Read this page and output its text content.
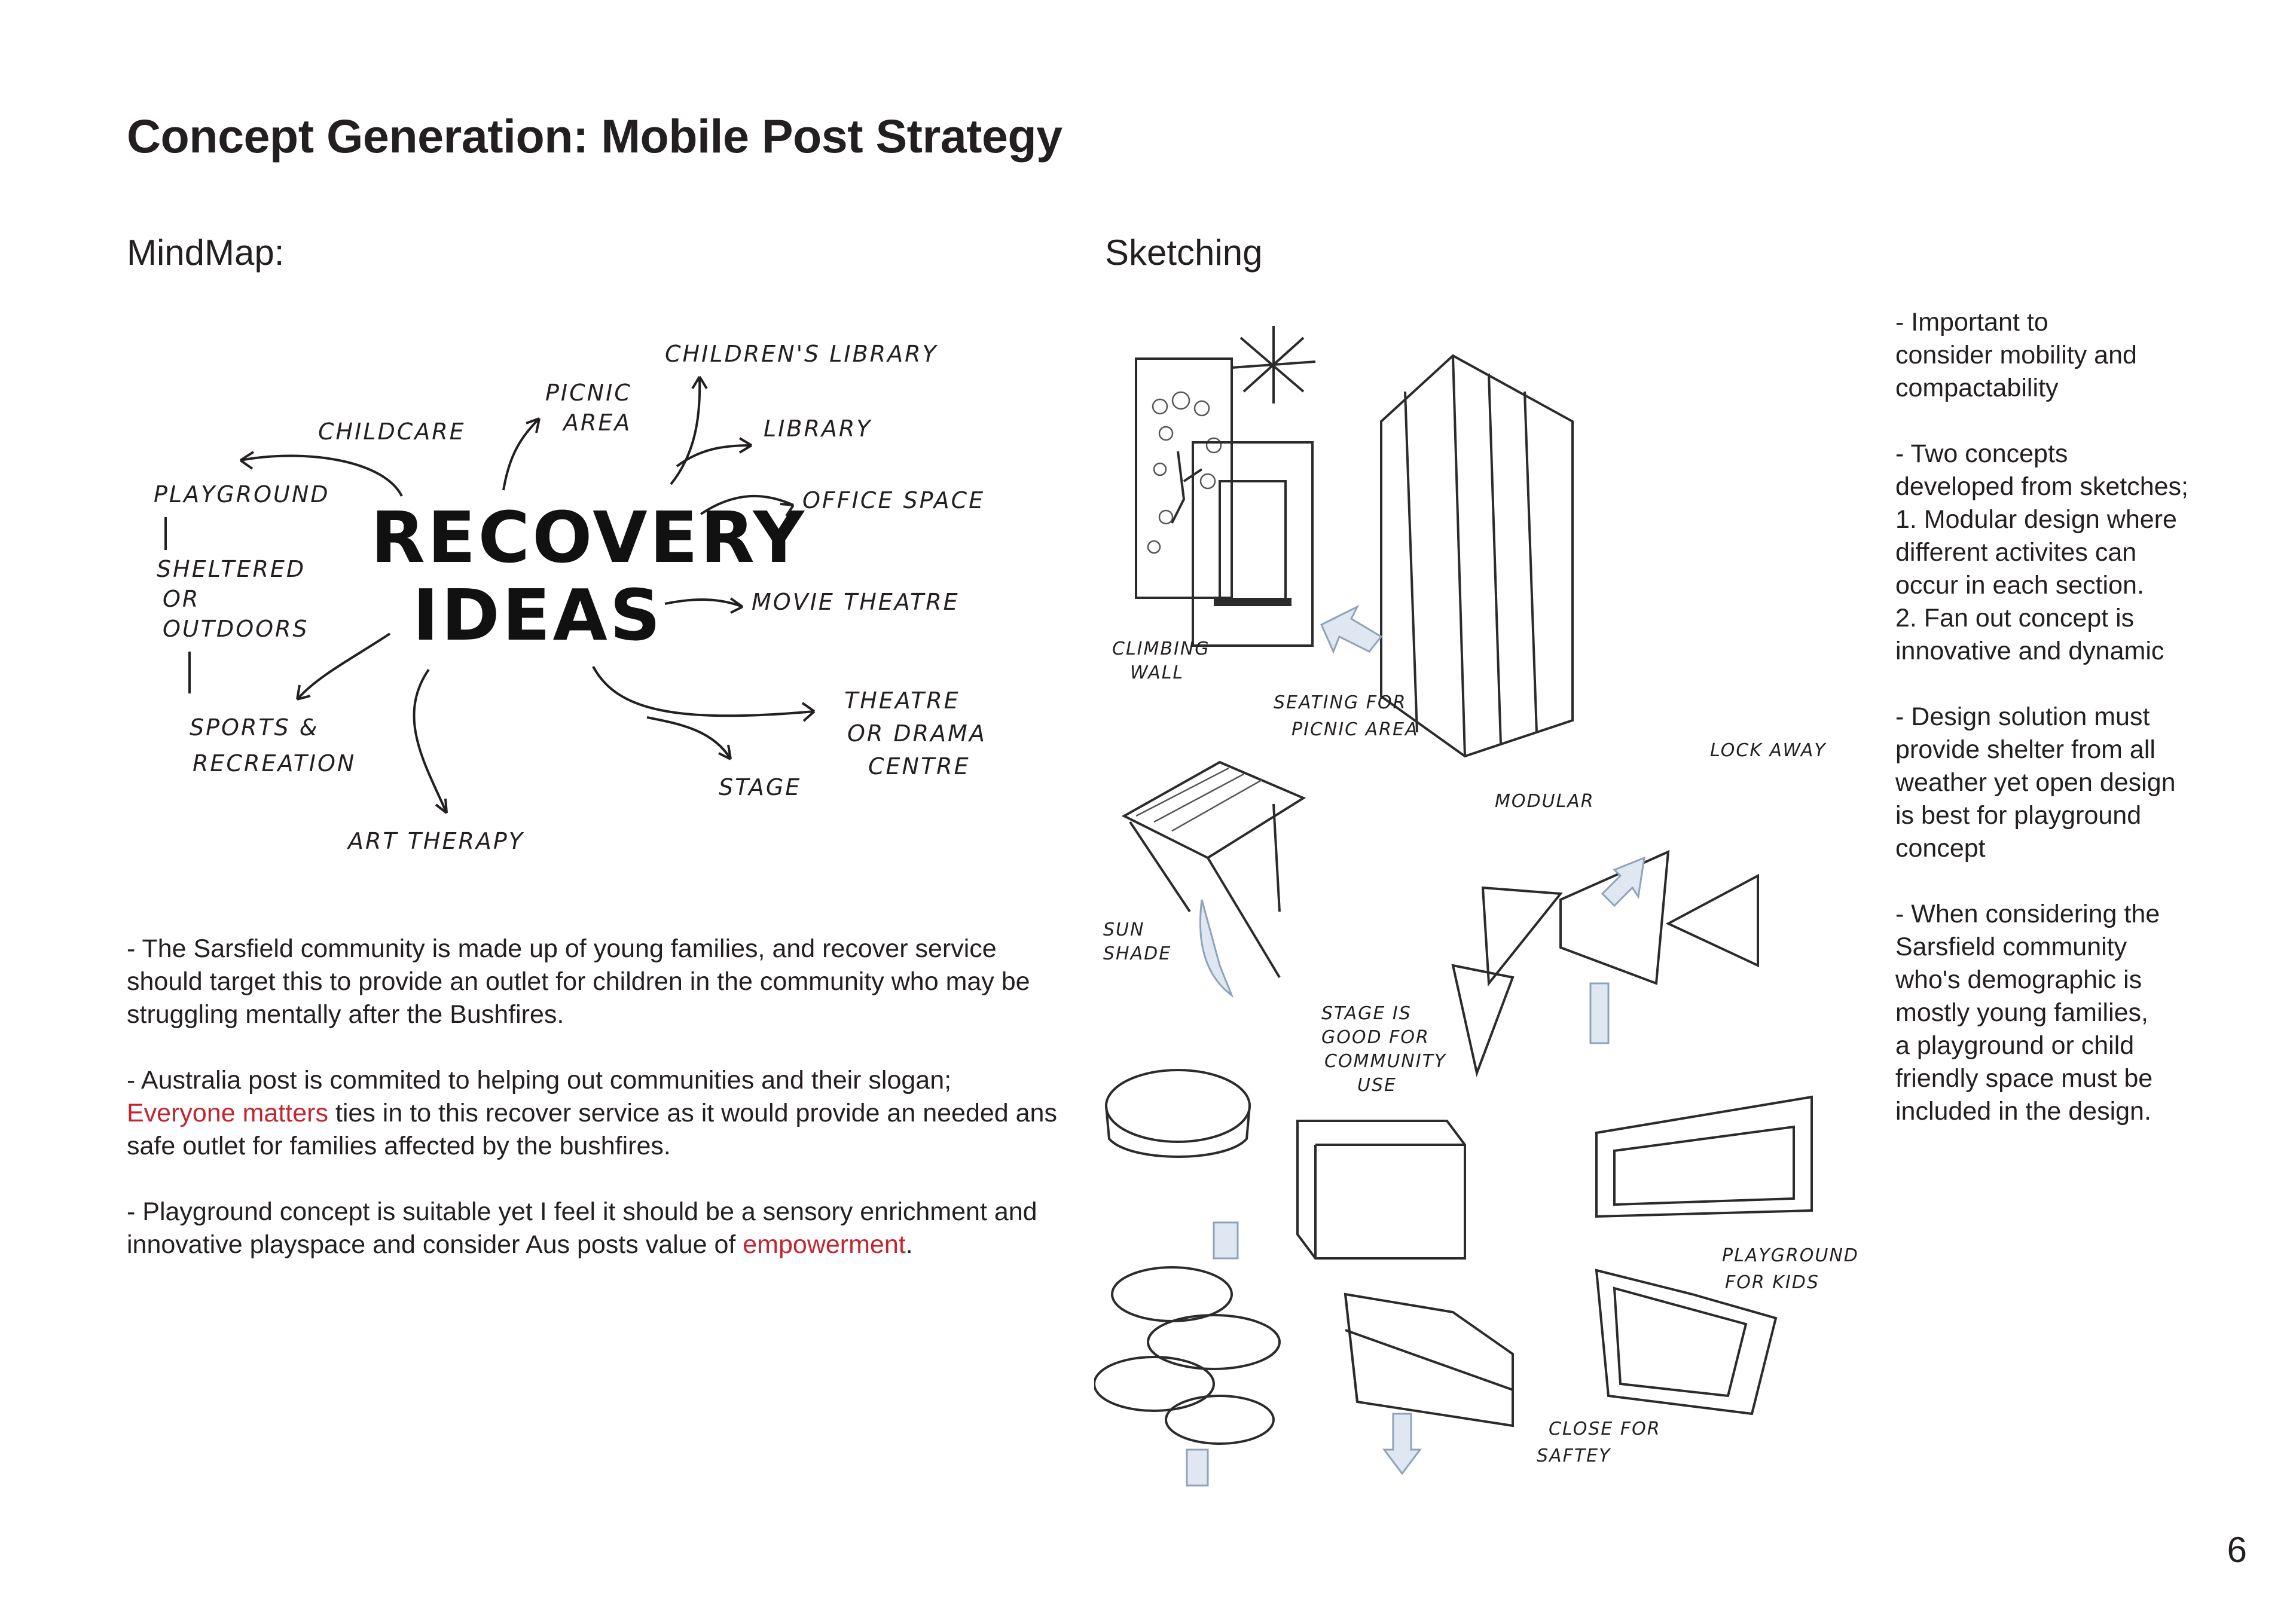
Concept Generation: Mobile Post Strategy
MindMap:	Sketching
RECOVERY
IDEAS
CHILDREN'S LIBRARY
PICNIC
AREA
CHILDCARE	LIBRARY
OFFICE SPACE
PLAYGROUND
SHELTERED
OR
OUTDOORS
MOVIE THEATRE
THEATRE
OR DRAMA
CENTRE
SPORTS &
RECREATION
STAGE
ART THERAPY

- The Sarsfield community is made up of young families, and recover service should target this to provide an outlet for children in the community who may be struggling mentally after the Bushfires.

- Australia post is commited to helping out communities and their slogan; Everyone matters ties in to this recover service as it would provide an needed ans safe outlet for families affected by the bushfires.

- Playground concept is suitable yet I feel it should be a sensory enrichment and innovative playspace and consider Aus posts value of empowerment.

CLIMBING
WALL
SEATING FOR
PICNIC AREA
LOCK AWAY
MODULAR
SUN
SHADE
STAGE IS
GOOD FOR
COMMUNITY
USE
PLAYGROUND
FOR KIDS
CLOSE FOR
SAFTEY

- Important to
consider mobility and
compactability

- Two concepts
developed from sketches;
1. Modular design where
different activites can
occur in each section.
2. Fan out concept is
innovative and dynamic

- Design solution must
provide shelter from all
weather yet open design
is best for playground
concept

- When considering the
Sarsfield community
who's demographic is
mostly young families,
a playground or child
friendly space must be
included in the design.

6
